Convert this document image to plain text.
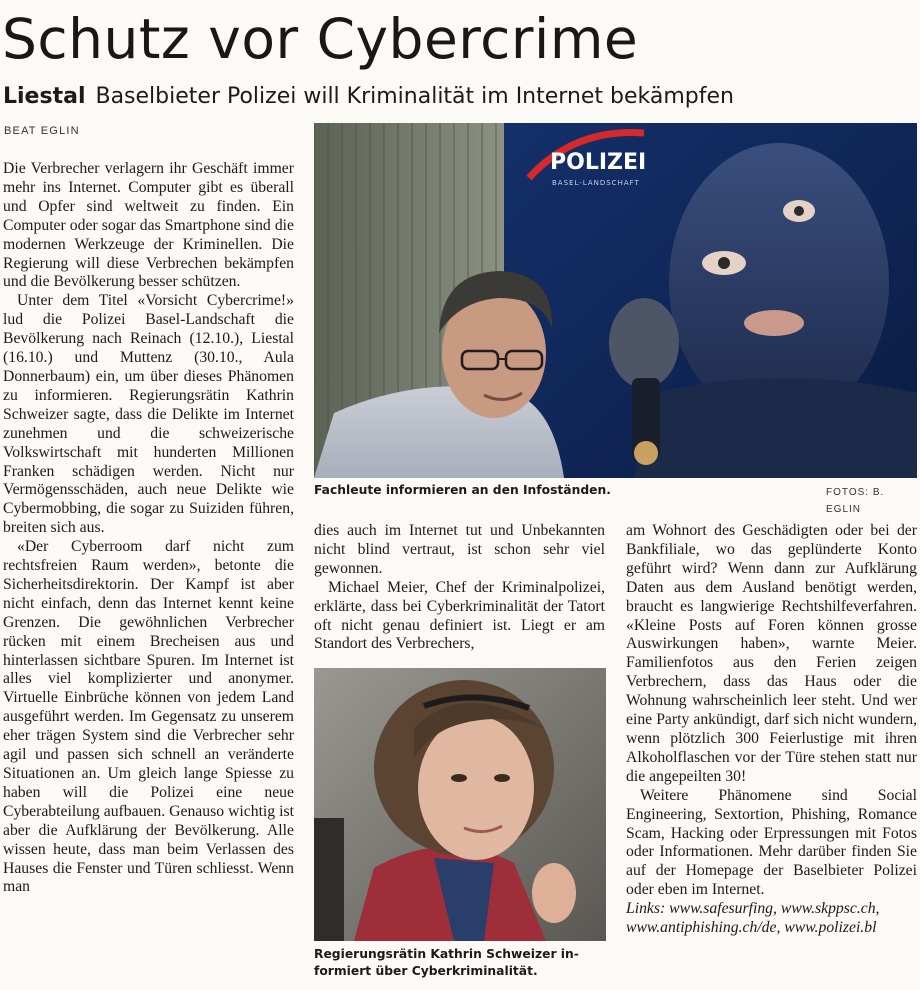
Schutz vor Cybercrime
Liestal Baselbieter Polizei will Kriminalität im Internet bekämpfen
BEAT EGLIN
POLIZEI
BASEL-LANDSCHAFT
Fachleute informieren an den Infoständen.	FOTOS: B. EGLIN

Die Verbrecher verlagern ihr Geschäft immer mehr ins Internet. Computer gibt es überall und Opfer sind weltweit zu finden. Ein Computer oder sogar das Smartphone sind die modernen Werkzeuge der Kriminellen. Die Regierung will diese Verbrechen bekämpfen und die Bevölkerung besser schützen.

Unter dem Titel «Vorsicht Cybercrime!» lud die Polizei Basel-Landschaft die Bevölkerung nach Reinach (12.10.), Liestal (16.10.) und Muttenz (30.10., Aula Donnerbaum) ein, um über dieses Phänomen zu informieren. Regierungsrätin Kathrin Schweizer sagte, dass die Delikte im Internet zunehmen und die schweizerische Volkswirtschaft mit hunderten Millionen Franken schädigen werden. Nicht nur Vermögensschäden, auch neue Delikte wie Cybermobbing, die sogar zu Suiziden führen, breiten sich aus.

«Der Cyberroom darf nicht zum rechtsfreien Raum werden», betonte die Sicherheitsdirektorin. Der Kampf ist aber nicht einfach, denn das Internet kennt keine Grenzen. Die gewöhnlichen Verbrecher rücken mit einem Brecheisen aus und hinterlassen sichtbare Spuren. Im Internet ist alles viel komplizierter und anonymer. Virtuelle Einbrüche können von jedem Land ausgeführt werden. Im Gegensatz zu unserem eher trägen System sind die Verbrecher sehr agil und passen sich schnell an veränderte Situationen an. Um gleich lange Spiesse zu haben will die Polizei eine neue Cyberabteilung aufbauen. Genauso wichtig ist aber die Aufklärung der Bevölkerung. Alle wissen heute, dass man beim Verlassen des Hauses die Fenster und Türen schliesst. Wenn man

dies auch im Internet tut und Unbekannten nicht blind vertraut, ist schon sehr viel gewonnen.

Michael Meier, Chef der Kriminalpolizei, erklärte, dass bei Cyberkriminalität der Tatort oft nicht genau definiert ist. Liegt er am Standort des Verbrechers,

Regierungsrätin Kathrin Schweizer in-
formiert über Cyberkriminalität.

am Wohnort des Geschädigten oder bei der Bankfiliale, wo das geplünderte Konto geführt wird? Wenn dann zur Aufklärung Daten aus dem Ausland benötigt werden, braucht es langwierige Rechtshilfeverfahren. «Kleine Posts auf Foren können grosse Auswirkungen haben», warnte Meier. Familienfotos aus den Ferien zeigen Verbrechern, dass das Haus oder die Wohnung wahrscheinlich leer steht. Und wer eine Party ankündigt, darf sich nicht wundern, wenn plötzlich 300 Feierlustige mit ihren Alkoholflaschen vor der Türe stehen statt nur die angepeilten 30!

Weitere Phänomene sind Social Engineering, Sextortion, Phishing, Romance Scam, Hacking oder Erpressungen mit Fotos oder Informationen. Mehr darüber finden Sie auf der Homepage der Baselbieter Polizei oder eben im Internet.

Links: www.safesurfing, www.skppsc.ch,

www.antiphishing.ch/de, www.polizei.bl
